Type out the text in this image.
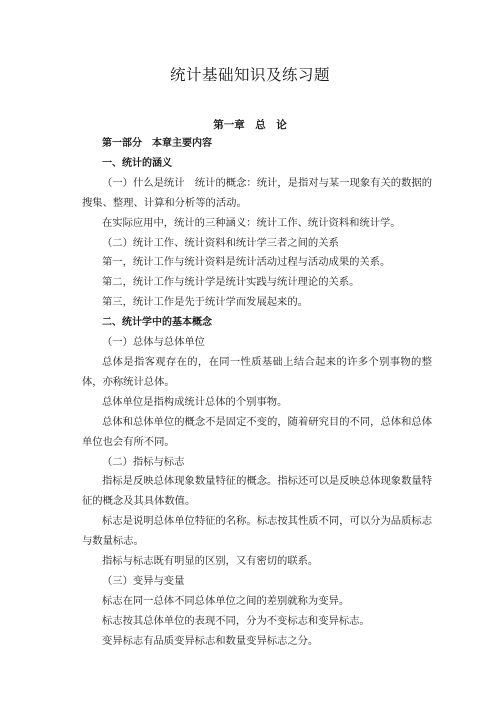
统计基础知识及练习题
第一章　总　论

第一部分　本章主要内容

一、统计的涵义

（一）什么是统计　统计的概念：统计，是指对与某一现象有关的数据的搜集、整理、计算和分析等的活动。

在实际应用中，统计的三种涵义：统计工作、统计资料和统计学。

（二）统计工作、统计资料和统计学三者之间的关系

第一，统计工作与统计资料是统计活动过程与活动成果的关系。

第二，统计工作与统计学是统计实践与统计理论的关系。

第三，统计工作是先于统计学而发展起来的。

二、统计学中的基本概念

（一）总体与总体单位

总体是指客观存在的，在同一性质基础上结合起来的许多个别事物的整体，亦称统计总体。

总体单位是指构成统计总体的个别事物。

总体和总体单位的概念不是固定不变的，随着研究目的不同，总体和总体单位也会有所不同。

（二）指标与标志

指标是反映总体现象数量特征的概念。指标还可以是反映总体现象数量特征的概念及其具体数值。

标志是说明总体单位特征的名称。标志按其性质不同，可以分为品质标志与数量标志。

指标与标志既有明显的区别，又有密切的联系。

（三）变异与变量

标志在同一总体不同总体单位之间的差别就称为变异。

标志按其总体单位的表现不同，分为不变标志和变异标志。

变异标志有品质变异标志和数量变异标志之分。
